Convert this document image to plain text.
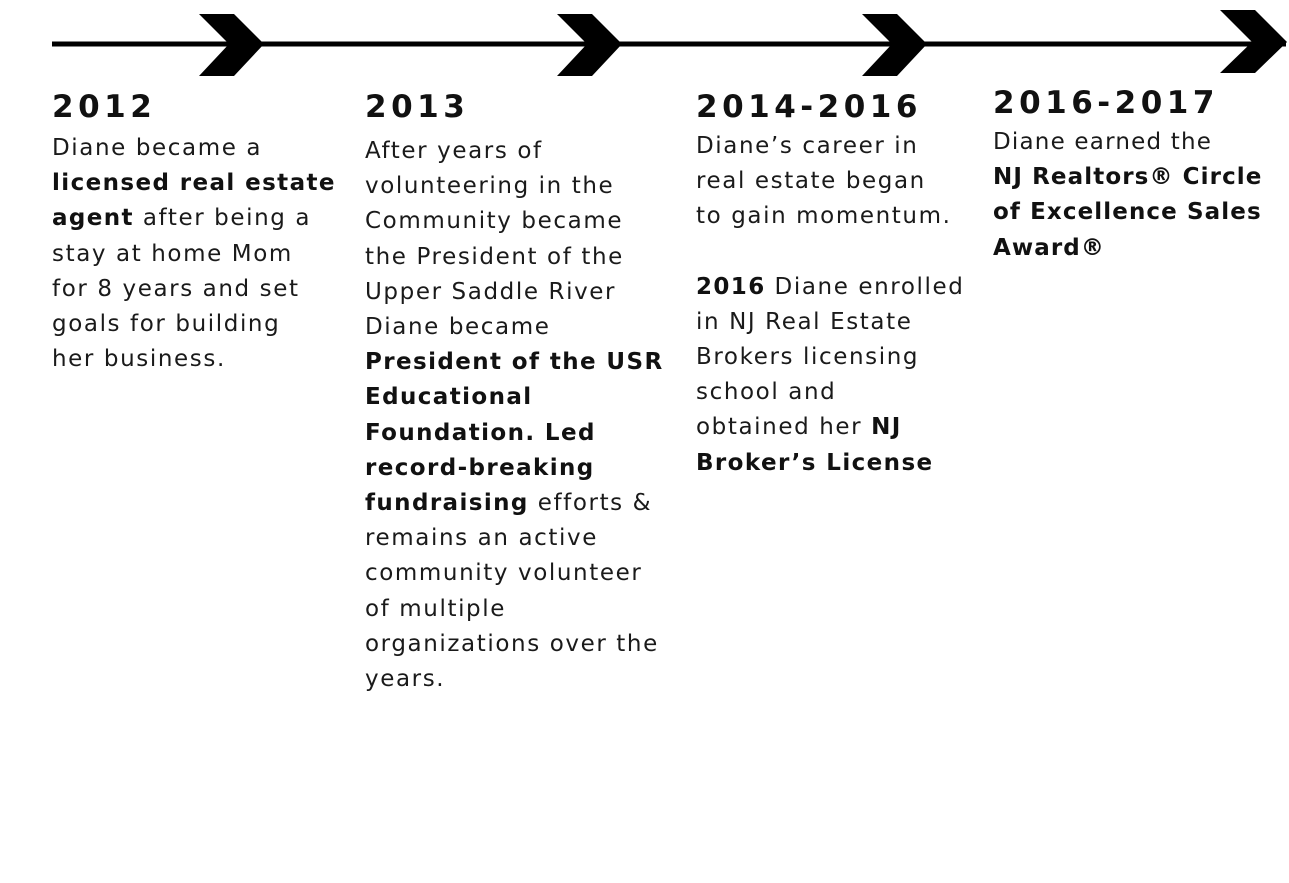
2012
Diane became a
licensed real estate
agent after being a
stay at home Mom
for 8 years and set
goals for building
her business.
2013
After years of
volunteering in the
Community became
the President of the
Upper Saddle River
Diane became
President of the USR
Educational
Foundation. Led
record-breaking
fundraising efforts &
remains an active
community volunteer
of multiple
organizations over the
years.
2014-2016
Diane’s career in
real estate began
to gain momentum.
2016 Diane enrolled
in NJ Real Estate
Brokers licensing
school and
obtained her NJ
Broker’s License
2016-2017
Diane earned the
NJ Realtors® Circle
of Excellence Sales
Award®
